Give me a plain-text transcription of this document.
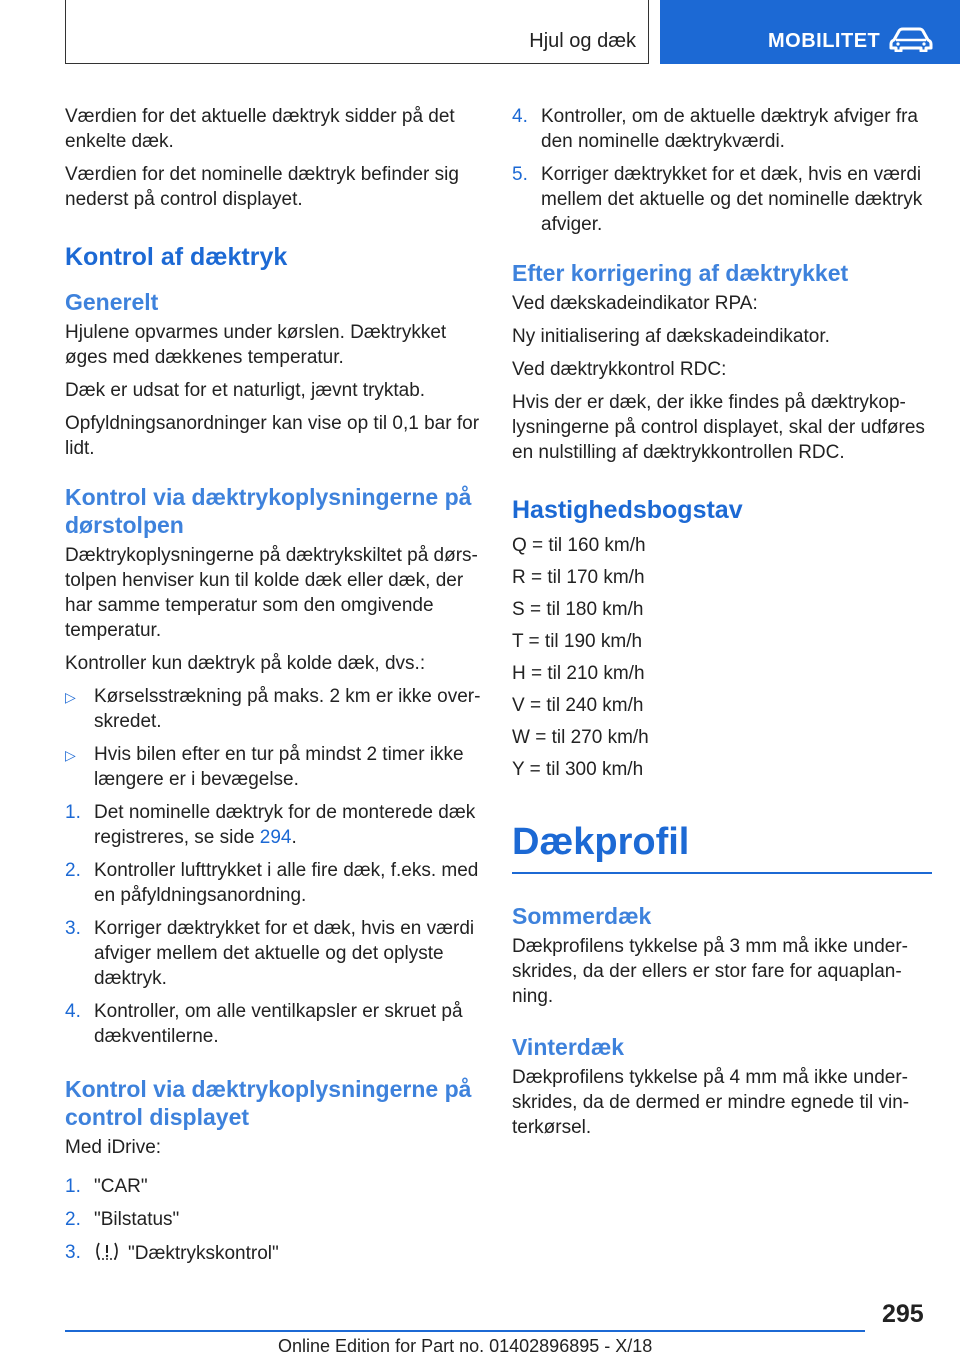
Hjul og dæk	MOBILITET

Værdien for det aktuelle dæktryk sidder på det enkelte dæk.

Værdien for det nominelle dæktryk befinder sig nederst på control displayet.

Kontrol af dæktryk
Generelt

Hjulene opvarmes under kørslen. Dæktrykket øges med dækkenes temperatur.

Dæk er udsat for et naturligt, jævnt tryktab.

Opfyldningsanordninger kan vise op til 0,1 bar for lidt.

Kontrol via dæktrykoplysningerne på dørstolpen

Dæktrykoplysningerne på dæktrykskiltet på dørs-tolpen henviser kun til kolde dæk eller dæk, der har samme temperatur som den omgivende temperatur.

Kontroller kun dæktryk på kolde dæk, dvs.:

▷ Kørselsstrækning på maks. 2 km er ikke over-skredet.
▷ Hvis bilen efter en tur på mindst 2 timer ikke længere er i bevægelse.
1. Det nominelle dæktryk for de monterede dæk registreres, se side 294.
2. Kontroller lufttrykket i alle fire dæk, f.eks. med en påfyldningsanordning.
3. Korriger dæktrykket for et dæk, hvis en værdi afviger mellem det aktuelle og det oplyste dæktryk.
4. Kontroller, om alle ventilkapsler er skruet på dækventilerne.
Kontrol via dæktrykoplysningerne på control displayet

Med iDrive:

1. "CAR"
2. "Bilstatus"
3. "Dæktrykskontrol"
4. Kontroller, om de aktuelle dæktryk afviger fra den nominelle dæktrykværdi.
5. Korriger dæktrykket for et dæk, hvis en værdi mellem det aktuelle og det nominelle dæktryk afviger.
Efter korrigering af dæktrykket

Ved dækskadeindikator RPA:

Ny initialisering af dækskadeindikator.

Ved dæktrykkontrol RDC:

Hvis der er dæk, der ikke findes på dæktrykop-lysningerne på control displayet, skal der udføres en nulstilling af dæktrykkontrollen RDC.

Hastighedsbogstav

Q = til 160 km/h

R = til 170 km/h

S = til 180 km/h

T = til 190 km/h

H = til 210 km/h

V = til 240 km/h

W = til 270 km/h

Y = til 300 km/h

Dækprofil
Sommerdæk

Dækprofilens tykkelse på 3 mm må ikke under-skrides, da der ellers er stor fare for aquaplan-ning.

Vinterdæk

Dækprofilens tykkelse på 4 mm må ikke under-skrides, da de dermed er mindre egnede til vin-terkørsel.

295
Online Edition for Part no. 01402896895 - X/18
